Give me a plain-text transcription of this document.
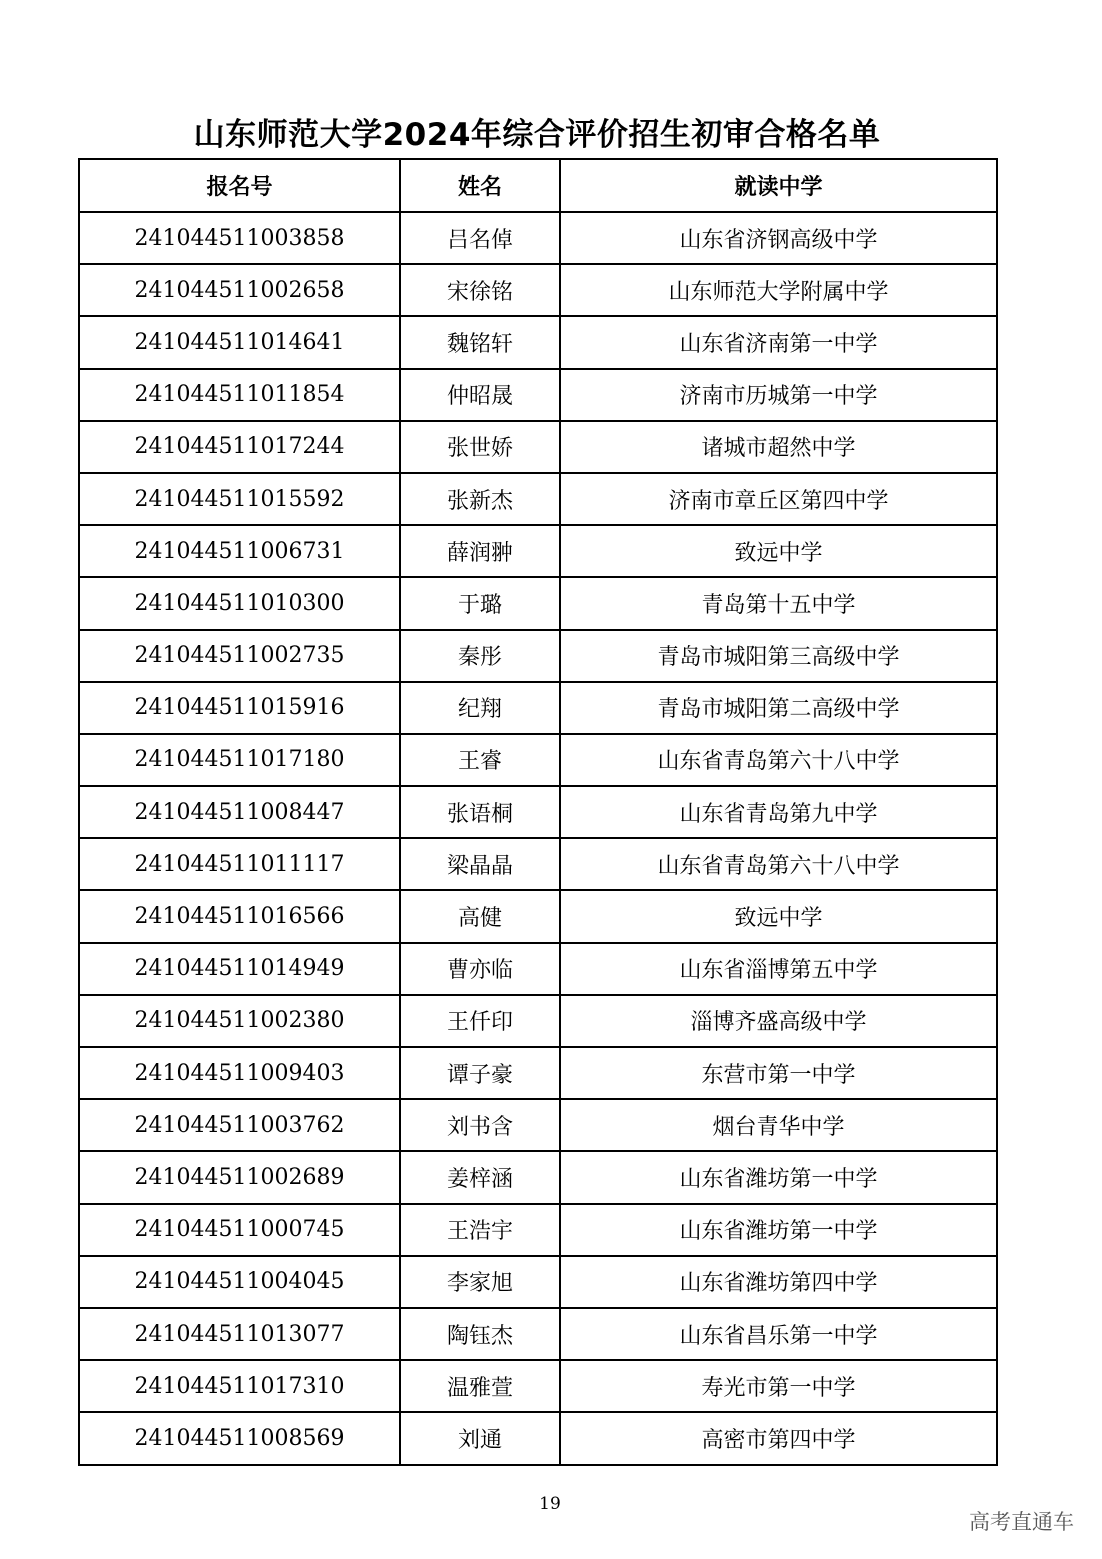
山东师范大学2024年综合评价招生初审合格名单
报名号	姓名	就读中学
241044511003858	吕名倬	山东省济钢高级中学
241044511002658	宋徐铭	山东师范大学附属中学
241044511014641	魏铭轩	山东省济南第一中学
241044511011854	仲昭晟	济南市历城第一中学
241044511017244	张世娇	诸城市超然中学
241044511015592	张新杰	济南市章丘区第四中学
241044511006731	薛润翀	致远中学
241044511010300	于璐	青岛第十五中学
241044511002735	秦彤	青岛市城阳第三高级中学
241044511015916	纪翔	青岛市城阳第二高级中学
241044511017180	王睿	山东省青岛第六十八中学
241044511008447	张语桐	山东省青岛第九中学
241044511011117	梁晶晶	山东省青岛第六十八中学
241044511016566	高健	致远中学
241044511014949	曹亦临	山东省淄博第五中学
241044511002380	王仟印	淄博齐盛高级中学
241044511009403	谭子豪	东营市第一中学
241044511003762	刘书含	烟台青华中学
241044511002689	姜梓涵	山东省潍坊第一中学
241044511000745	王浩宇	山东省潍坊第一中学
241044511004045	李家旭	山东省潍坊第四中学
241044511013077	陶钰杰	山东省昌乐第一中学
241044511017310	温雅萱	寿光市第一中学
241044511008569	刘通	高密市第四中学
19
高考直通车
